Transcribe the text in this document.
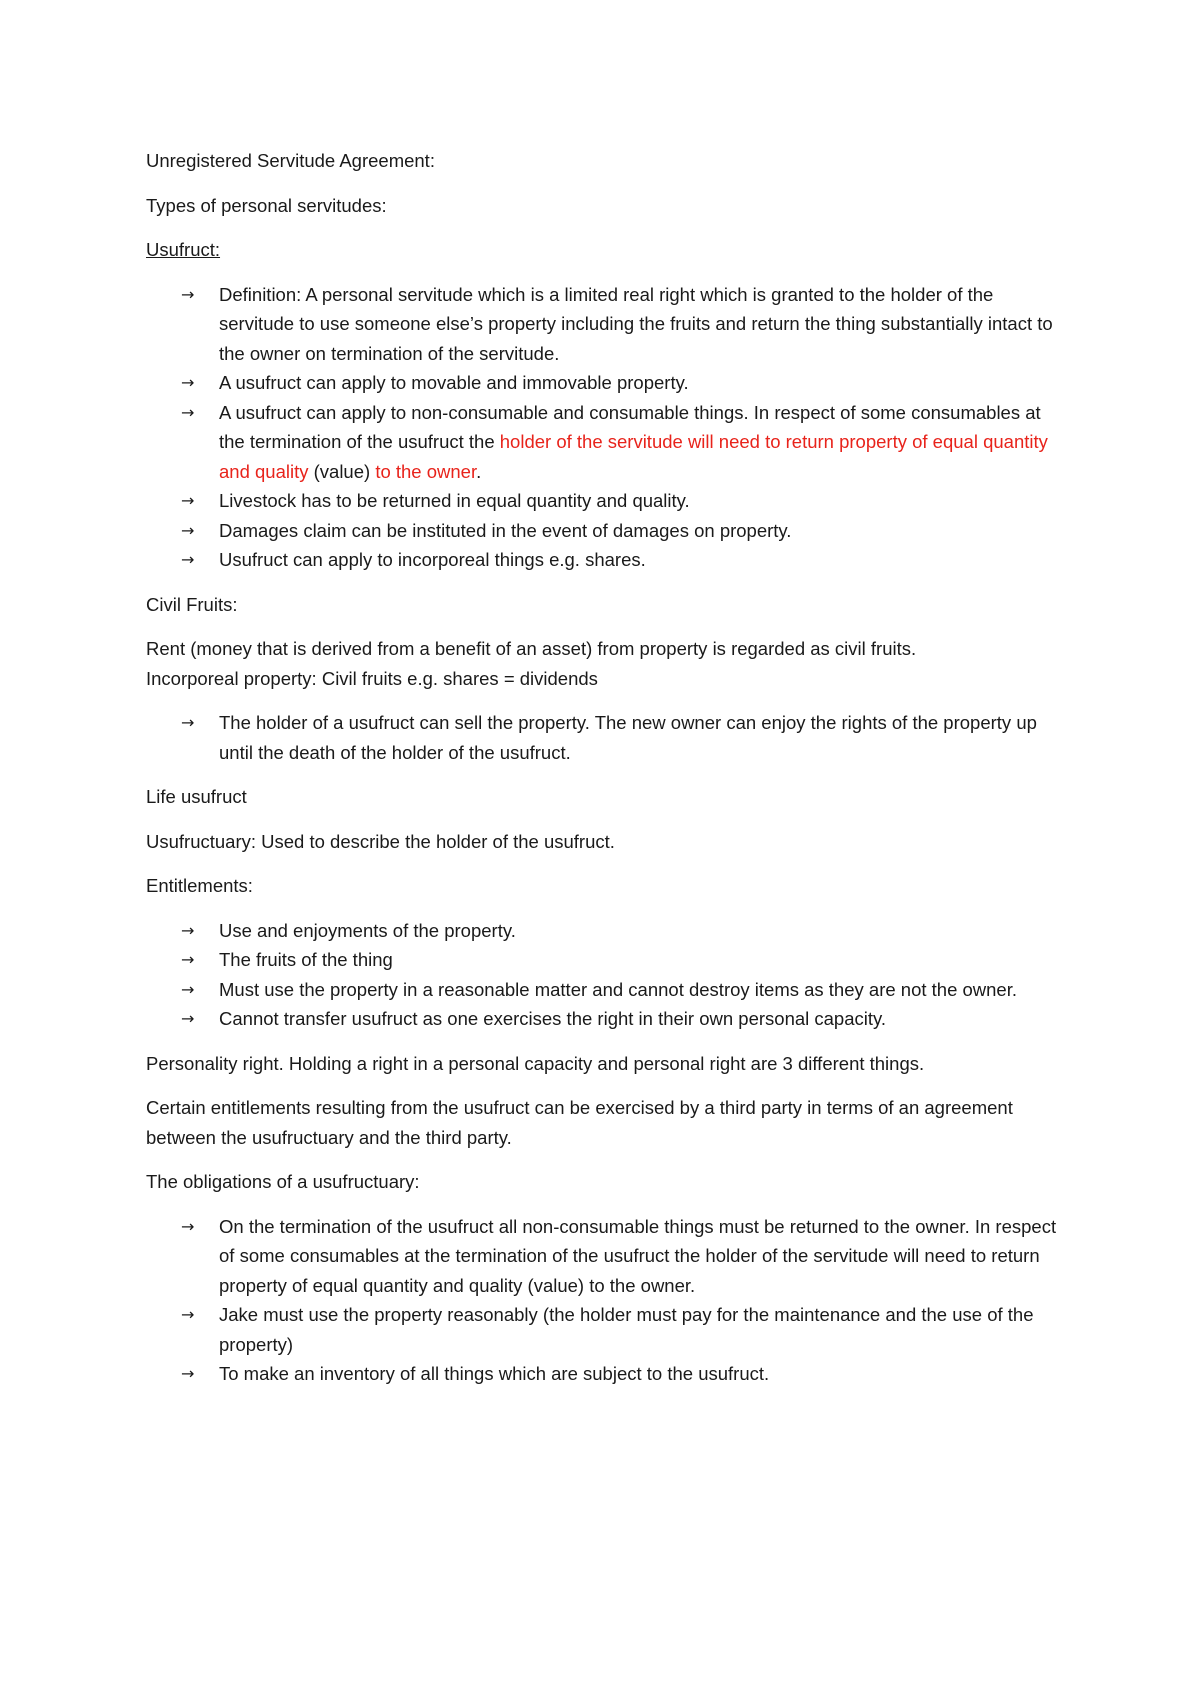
Unregistered Servitude Agreement:

Types of personal servitudes:

Usufruct:

→ Definition: A personal servitude which is a limited real right which is granted to the holder of the servitude to use someone else’s property including the fruits and return the thing substantially intact to the owner on termination of the servitude.
→ A usufruct can apply to movable and immovable property.
→ A usufruct can apply to non-consumable and consumable things. In respect of some consumables at the termination of the usufruct the holder of the servitude will need to return property of equal quantity and quality (value) to the owner.
→ Livestock has to be returned in equal quantity and quality.
→ Damages claim can be instituted in the event of damages on property.
→ Usufruct can apply to incorporeal things e.g. shares.

Civil Fruits:

Rent (money that is derived from a benefit of an asset) from property is regarded as civil fruits.

Incorporeal property: Civil fruits e.g. shares = dividends

→ The holder of a usufruct can sell the property. The new owner can enjoy the rights of the property up until the death of the holder of the usufruct.

Life usufruct

Usufructuary: Used to describe the holder of the usufruct.

Entitlements:

→ Use and enjoyments of the property.
→ The fruits of the thing
→ Must use the property in a reasonable matter and cannot destroy items as they are not the owner.
→ Cannot transfer usufruct as one exercises the right in their own personal capacity.

Personality right. Holding a right in a personal capacity and personal right are 3 different things.

Certain entitlements resulting from the usufruct can be exercised by a third party in terms of an agreement between the usufructuary and the third party.

The obligations of a usufructuary:

→ On the termination of the usufruct all non-consumable things must be returned to the owner. In respect of some consumables at the termination of the usufruct the holder of the servitude will need to return property of equal quantity and quality (value) to the owner.
→ Jake must use the property reasonably (the holder must pay for the maintenance and the use of the property)
→ To make an inventory of all things which are subject to the usufruct.
